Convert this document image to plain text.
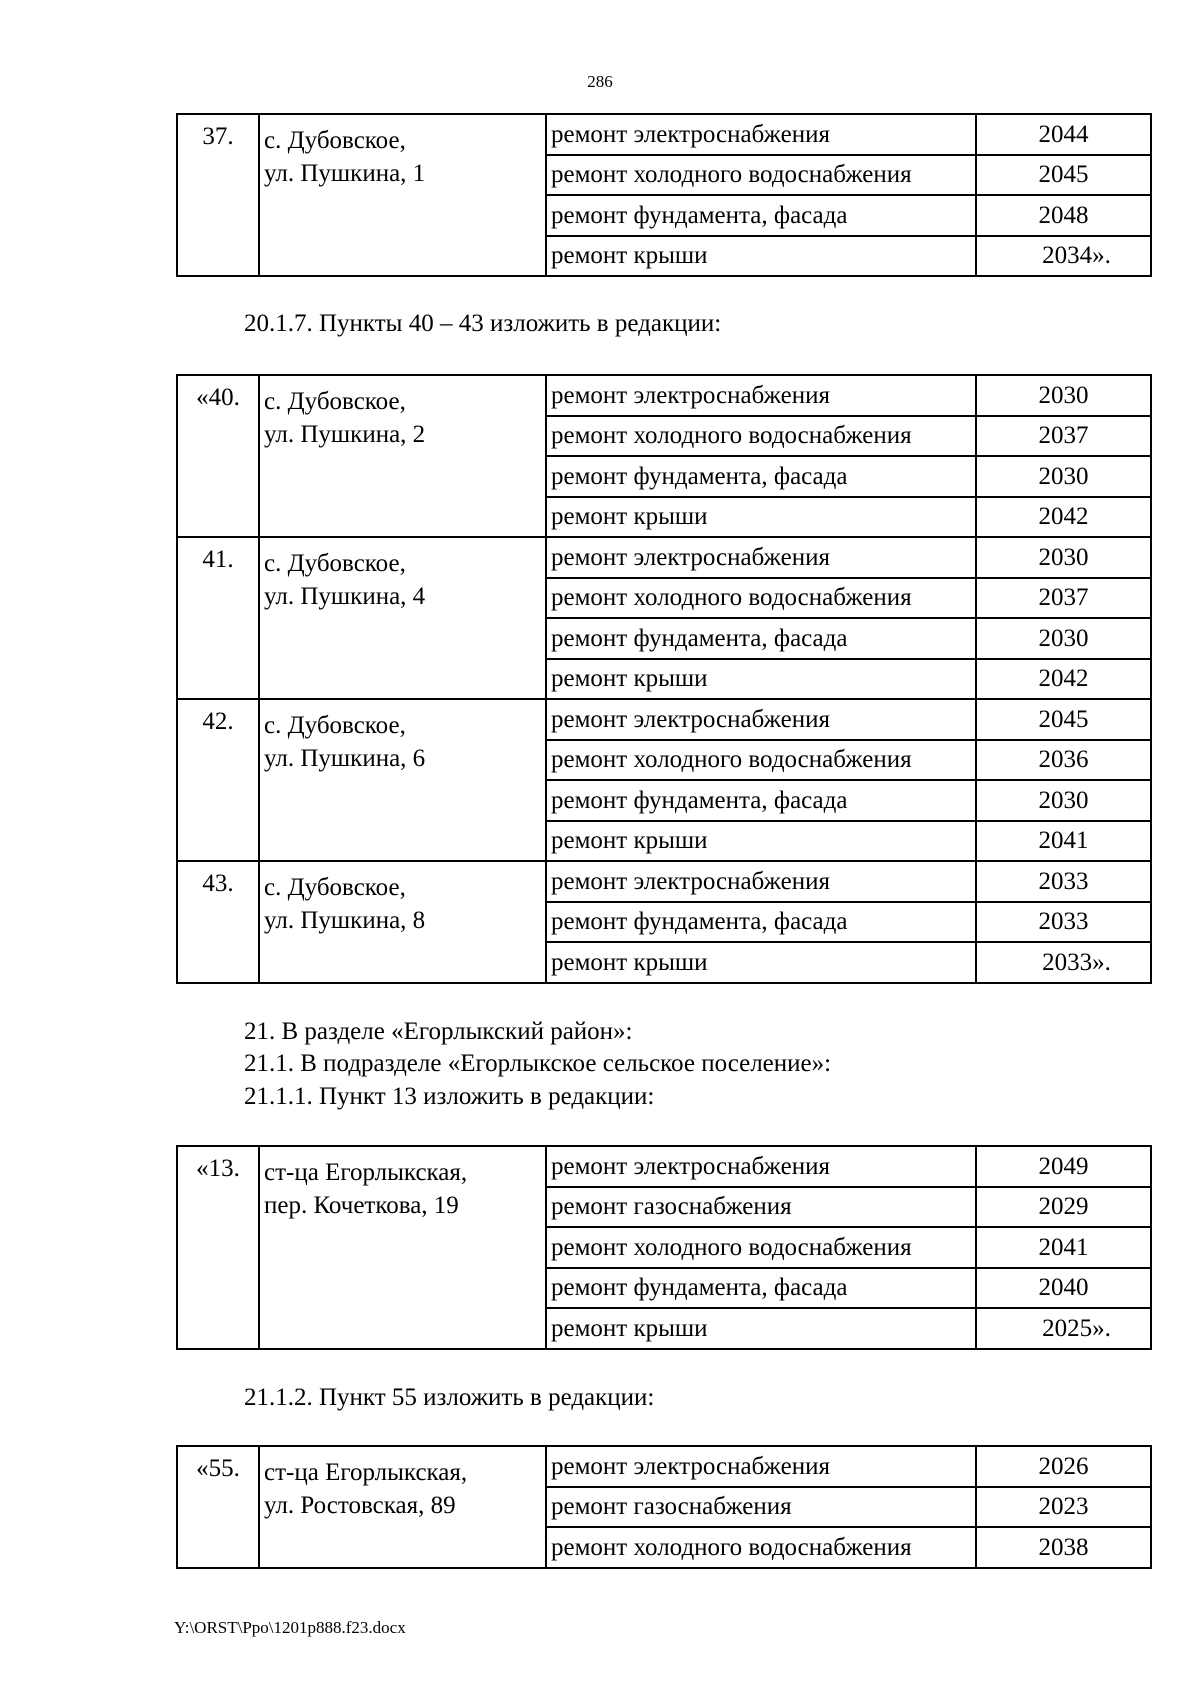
286
37.	с. Дубовское,
ул. Пушкина, 1	ремонт электроснабжения	2044
		ремонт холодного водоснабжения	2045
		ремонт фундамента, фасада	2048
		ремонт крыши	2034».
20.1.7. Пункты 40 – 43 изложить в редакции:
«40.	с. Дубовское,
ул. Пушкина, 2	ремонт электроснабжения	2030
		ремонт холодного водоснабжения	2037
		ремонт фундамента, фасада	2030
		ремонт крыши	2042
41.	с. Дубовское,
ул. Пушкина, 4	ремонт электроснабжения	2030
		ремонт холодного водоснабжения	2037
		ремонт фундамента, фасада	2030
		ремонт крыши	2042
42.	с. Дубовское,
ул. Пушкина, 6	ремонт электроснабжения	2045
		ремонт холодного водоснабжения	2036
		ремонт фундамента, фасада	2030
		ремонт крыши	2041
43.	с. Дубовское,
ул. Пушкина, 8	ремонт электроснабжения	2033
		ремонт фундамента, фасада	2033
		ремонт крыши	2033».
21. В разделе «Егорлыкский район»:
21.1. В подразделе «Егорлыкское сельское поселение»:
21.1.1. Пункт 13 изложить в редакции:
«13.	ст-ца Егорлыкская,
пер. Кочеткова, 19	ремонт электроснабжения	2049
		ремонт газоснабжения	2029
		ремонт холодного водоснабжения	2041
		ремонт фундамента, фасада	2040
		ремонт крыши	2025».
21.1.2. Пункт 55 изложить в редакции:
«55.	ст-ца Егорлыкская,
ул. Ростовская, 89	ремонт электроснабжения	2026
		ремонт газоснабжения	2023
		ремонт холодного водоснабжения	2038
Y:\ORST\Ppo\1201p888.f23.docx
